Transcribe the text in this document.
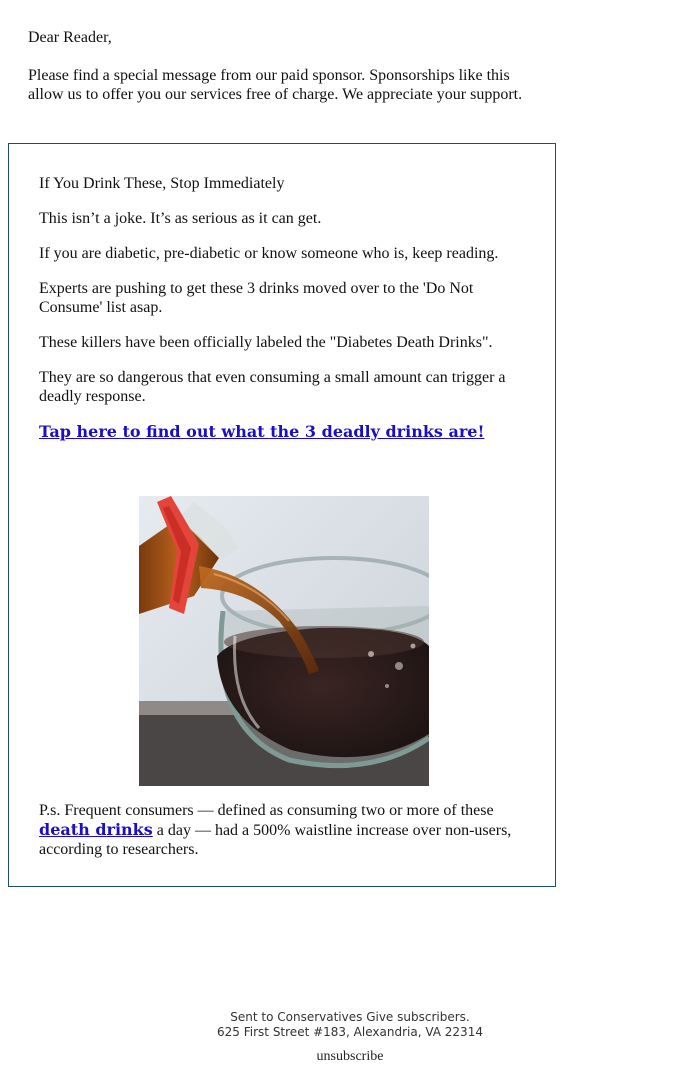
Dear Reader,

Please find a special message from our paid sponsor. Sponsorships like this allow us to offer you our services free of charge. We appreciate your support.

If You Drink These, Stop Immediately

This isn’t a joke. It’s as serious as it can get.

If you are diabetic, pre-diabetic or know someone who is, keep reading.

Experts are pushing to get these 3 drinks moved over to the 'Do Not Consume' list asap.

These killers have been officially labeled the "Diabetes Death Drinks".

They are so dangerous that even consuming a small amount can trigger a deadly response.

Tap here to find out what the 3 deadly drinks are!

P.s. Frequent consumers — defined as consuming two or more of these death drinks a day — had a 500% waistline increase over non-users, according to researchers.

Sent to Conservatives Give subscribers.
625 First Street #183, Alexandria, VA 22314
unsubscribe
